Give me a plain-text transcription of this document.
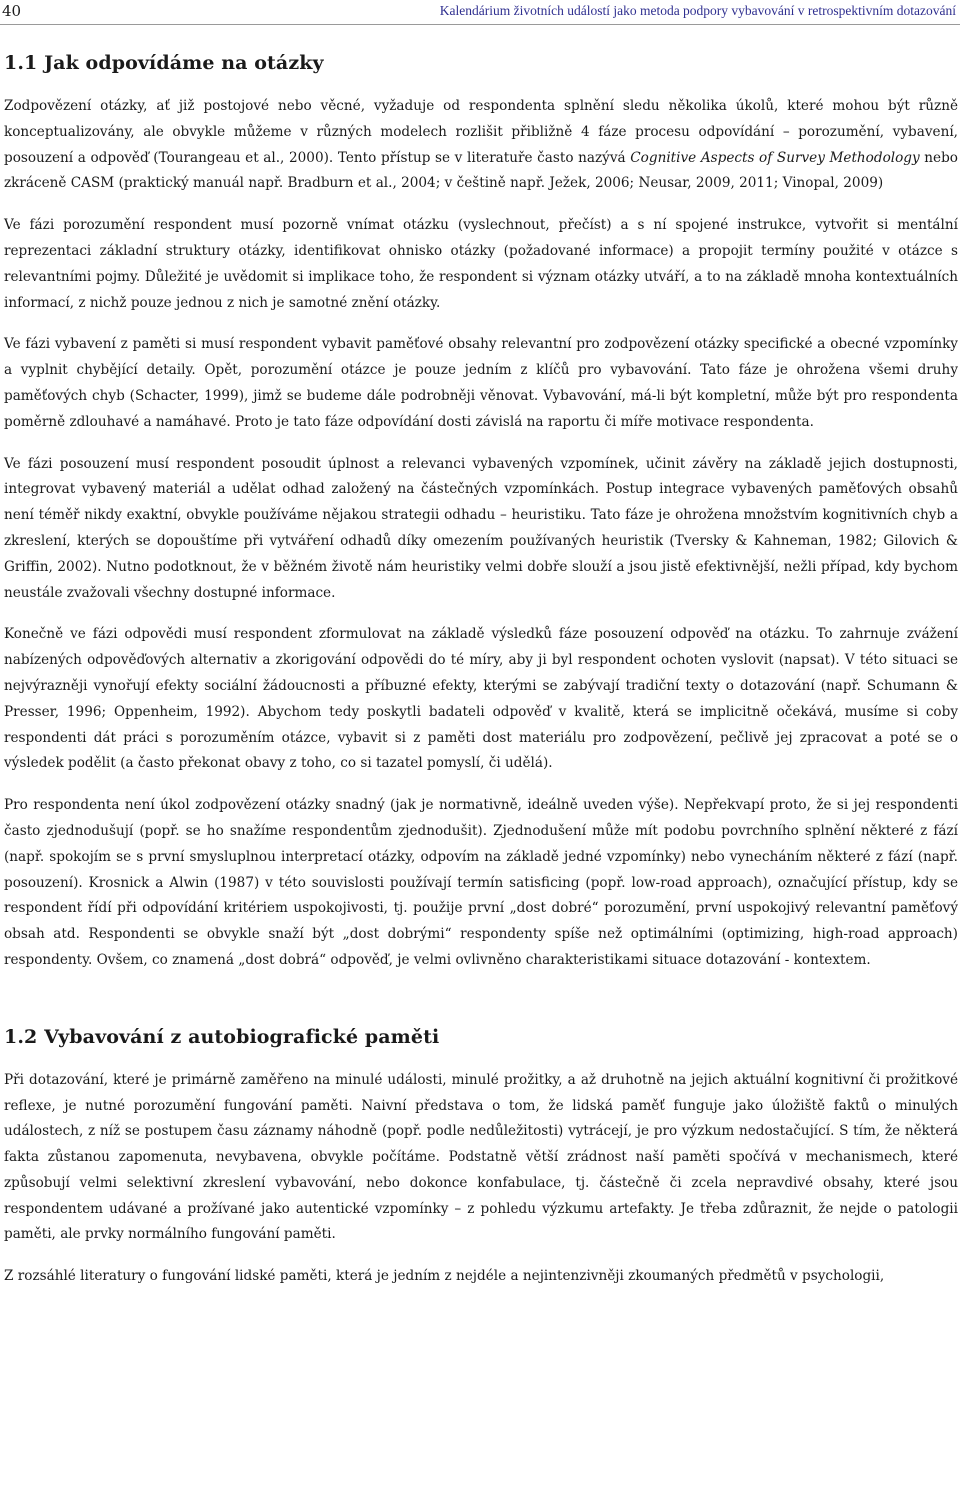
40	Kalendárium životních událostí jako metoda podpory vybavování v retrospektivním dotazování
1.1 Jak odpovídáme na otázky

Zodpovězení otázky, ať již postojové nebo věcné, vyžaduje od respondenta splnění sledu několika úkolů, které mohou být různě konceptualizovány, ale obvykle můžeme v různých modelech rozlišit přibližně 4 fáze procesu odpovídání – porozumění, vybavení, posouzení a odpověď (Tourangeau et al., 2000). Tento přístup se v literatuře často nazývá Cognitive Aspects of Survey Methodology nebo zkráceně CASM (praktický manuál např. Bradburn et al., 2004; v češtině např. Ježek, 2006; Neusar, 2009, 2011; Vinopal, 2009)

Ve fázi porozumění respondent musí pozorně vnímat otázku (vyslechnout, přečíst) a s ní spojené instrukce, vytvořit si mentální reprezentaci základní struktury otázky, identifikovat ohnisko otázky (požadované informace) a propojit termíny použité v otázce s relevantními pojmy. Důležité je uvědomit si implikace toho, že respondent si význam otázky utváří, a to na základě mnoha kontextuálních informací, z nichž pouze jednou z nich je samotné znění otázky.

Ve fázi vybavení z paměti si musí respondent vybavit paměťové obsahy relevantní pro zodpovězení otázky specifické a obecné vzpomínky a vyplnit chybějící detaily. Opět, porozumění otázce je pouze jedním z klíčů pro vybavování. Tato fáze je ohrožena všemi druhy paměťových chyb (Schacter, 1999), jimž se budeme dále podrobněji věnovat. Vybavování, má-li být kompletní, může být pro respondenta poměrně zdlouhavé a namáhavé. Proto je tato fáze odpovídání dosti závislá na raportu či míře motivace respondenta.

Ve fázi posouzení musí respondent posoudit úplnost a relevanci vybavených vzpomínek, učinit závěry na základě jejich dostupnosti, integrovat vybavený materiál a udělat odhad založený na částečných vzpomínkách. Postup integrace vybavených paměťových obsahů není téměř nikdy exaktní, obvykle používáme nějakou strategii odhadu – heuristiku. Tato fáze je ohrožena množstvím kognitivních chyb a zkreslení, kterých se dopouštíme při vytváření odhadů díky omezením používaných heuristik (Tversky & Kahneman, 1982; Gilovich & Griffin, 2002). Nutno podotknout, že v běžném životě nám heuristiky velmi dobře slouží a jsou jistě efektivnější, nežli případ, kdy bychom neustále zvažovali všechny dostupné informace.

Konečně ve fázi odpovědi musí respondent zformulovat na základě výsledků fáze posouzení odpověď na otázku. To zahrnuje zvážení nabízených odpověďových alternativ a zkorigování odpovědi do té míry, aby ji byl respondent ochoten vyslovit (napsat). V této situaci se nejvýrazněji vynořují efekty sociální žádoucnosti a příbuzné efekty, kterými se zabývají tradiční texty o dotazování (např. Schumann & Presser, 1996; Oppenheim, 1992). Abychom tedy poskytli badateli odpověď v kvalitě, která se implicitně očekává, musíme si coby respondenti dát práci s porozuměním otázce, vybavit si z paměti dost materiálu pro zodpovězení, pečlivě jej zpracovat a poté se o výsledek podělit (a často překonat obavy z toho, co si tazatel pomyslí, či udělá).

Pro respondenta není úkol zodpovězení otázky snadný (jak je normativně, ideálně uveden výše). Nepřekvapí proto, že si jej respondenti často zjednodušují (popř. se ho snažíme respondentům zjednodušit). Zjednodušení může mít podobu povrchního splnění některé z fází (např. spokojím se s první smysluplnou interpretací otázky, odpovím na základě jedné vzpomínky) nebo vynecháním některé z fází (např. posouzení). Krosnick a Alwin (1987) v této souvislosti používají termín satisficing (popř. low-road approach), označující přístup, kdy se respondent řídí při odpovídání kritériem uspokojivosti, tj. použije první „dost dobré“ porozumění, první uspokojivý relevantní paměťový obsah atd. Respondenti se obvykle snaží být „dost dobrými“ respondenty spíše než optimálními (optimizing, high-road approach) respondenty. Ovšem, co znamená „dost dobrá“ odpověď, je velmi ovlivněno charakteristikami situace dotazování - kontextem.

1.2 Vybavování z autobiografické paměti

Při dotazování, které je primárně zaměřeno na minulé události, minulé prožitky, a až druhotně na jejich aktuální kognitivní či prožitkové reflexe, je nutné porozumění fungování paměti. Naivní představa o tom, že lidská paměť funguje jako úložiště faktů o minulých událostech, z níž se postupem času záznamy náhodně (popř. podle nedůležitosti) vytrácejí, je pro výzkum nedostačující. S tím, že některá fakta zůstanou zapomenuta, nevybavena, obvykle počítáme. Podstatně větší zrádnost naší paměti spočívá v mechanismech, které způsobují velmi selektivní zkreslení vybavování, nebo dokonce konfabulace, tj. částečně či zcela nepravdivé obsahy, které jsou respondentem udávané a prožívané jako autentické vzpomínky – z pohledu výzkumu artefakty. Je třeba zdůraznit, že nejde o patologii paměti, ale prvky normálního fungování paměti.

Z rozsáhlé literatury o fungování lidské paměti, která je jedním z nejdéle a nejintenzivněji zkoumaných předmětů v psychologii,
